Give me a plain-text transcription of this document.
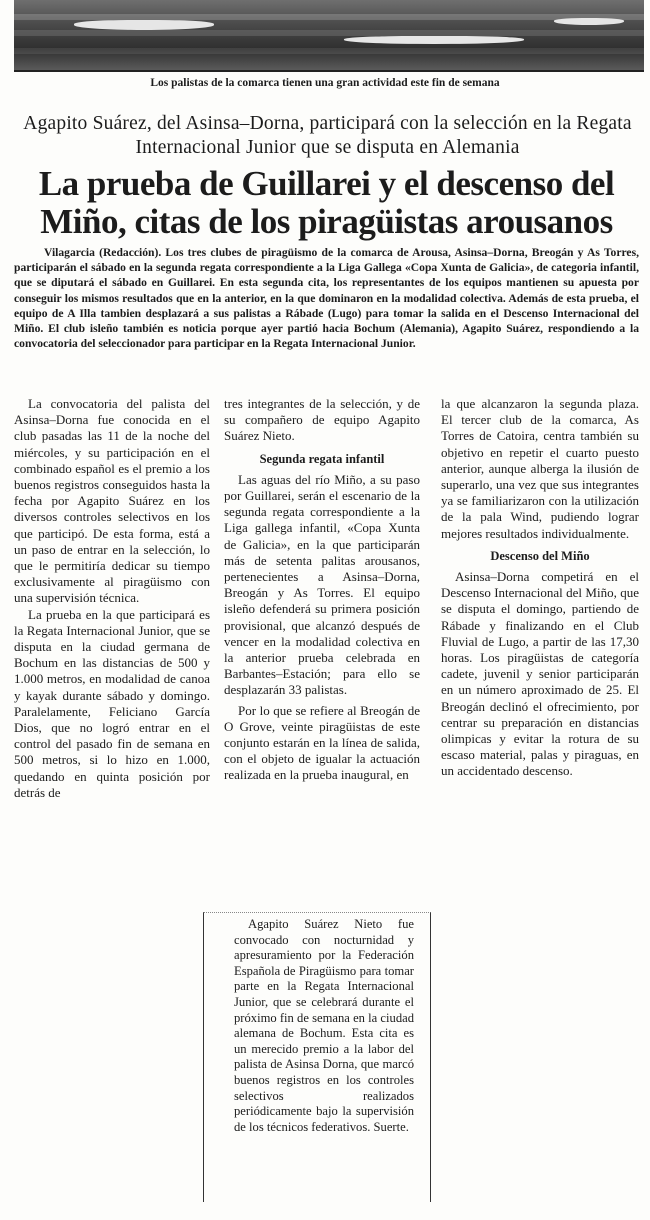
Los palistas de la comarca tienen una gran actividad este fin de semana
Agapito Suárez, del Asinsa–Dorna, participará con la selección en la Regata Internacional Junior que se disputa en Alemania
La prueba de Guillarei y el descenso del Miño, citas de los piragüistas arousanos
Vilagarcia (Redacción). Los tres clubes de piragüismo de la comarca de Arousa, Asinsa–Dorna, Breogán y As Torres, participarán el sábado en la segunda regata correspondiente a la Liga Gallega «Copa Xunta de Galicia», de categoria infantil, que se diputará el sábado en Guillarei. En esta segunda cita, los representantes de los equipos mantienen su apuesta por conseguir los mismos resultados que en la anterior, en la que dominaron en la modalidad colectiva. Además de esta prueba, el equipo de A Illa tambien desplazará a sus palistas a Rábade (Lugo) para tomar la salida en el Descenso Internacional del Miño. El club isleño también es noticia porque ayer partió hacia Bochum (Alemania), Agapito Suárez, respondiendo a la convocatoria del seleccionador para participar en la Regata Internacional Junior.

La convocatoria del palista del Asinsa–Dorna fue conocida en el club pasadas las 11 de la noche del miércoles, y su participación en el combinado español es el premio a los buenos registros conseguidos hasta la fecha por Agapito Suárez en los diversos controles selectivos en los que participó. De esta forma, está a un paso de entrar en la selección, lo que le permitiría dedicar su tiempo exclusivamente al piragüismo con una supervisión técnica.

La prueba en la que participará es la Regata Internacional Junior, que se disputa en la ciudad germana de Bochum en las distancias de 500 y 1.000 metros, en modalidad de canoa y kayak durante sábado y domingo. Paralelamente, Feliciano García Dios, que no logró entrar en el control del pasado fin de semana en 500 metros, si lo hizo en 1.000, quedando en quinta posición por detrás de

tres integrantes de la selección, y de su compañero de equipo Agapito Suárez Nieto.

Segunda regata infantil

Las aguas del río Miño, a su paso por Guillarei, serán el escenario de la segunda regata correspondiente a la Liga gallega infantil, «Copa Xunta de Galicia», en la que participarán más de setenta palitas arousanos, pertenecientes a Asinsa–Dorna, Breogán y As Torres. El equipo isleño defenderá su primera posición provisional, que alcanzó después de vencer en la modalidad colectiva en la anterior prueba celebrada en Barbantes–Estación; para ello se desplazarán 33 palistas.

Por lo que se refiere al Breogán de O Grove, veinte piragüistas de este conjunto estarán en la línea de salida, con el objeto de igualar la actuación realizada en la prueba inaugural, en

la que alcanzaron la segunda plaza. El tercer club de la comarca, As Torres de Catoira, centra también su objetivo en repetir el cuarto puesto anterior, aunque alberga la ilusión de superarlo, una vez que sus integrantes ya se familiarizaron con la utilización de la pala Wind, pudiendo lograr mejores resultados individualmente.

Descenso del Miño

Asinsa–Dorna competirá en el Descenso Internacional del Miño, que se disputa el domingo, partiendo de Rábade y finalizando en el Club Fluvial de Lugo, a partir de las 17,30 horas. Los piragüistas de categoría cadete, juvenil y senior participarán en un número aproximado de 25. El Breogán declinó el ofrecimiento, por centrar su preparación en distancias olimpicas y evitar la rotura de su escaso material, palas y piraguas, en un accidentado descenso.

Agapito Suárez Nieto fue convocado con nocturnidad y apresuramiento por la Federación Española de Piragüismo para tomar parte en la Regata Internacional Junior, que se celebrará durante el próximo fin de semana en la ciudad alemana de Bochum. Esta cita es un merecido premio a la labor del palista de Asinsa Dorna, que marcó buenos registros en los controles selectivos realizados periódicamente bajo la supervisión de los técnicos federativos. Suerte.
